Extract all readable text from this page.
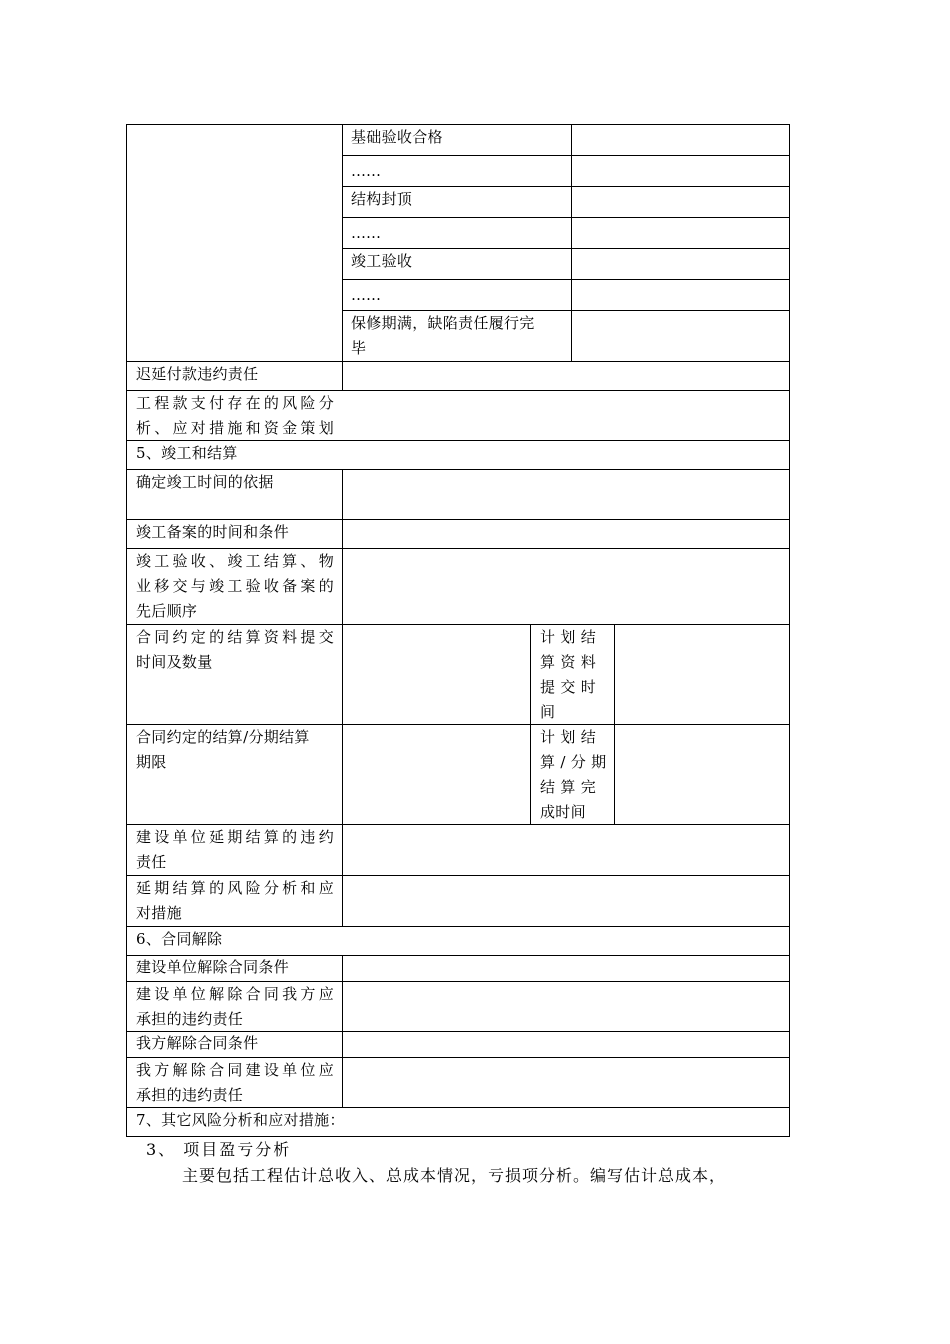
基础验收合格
……
结构封顶
……
竣工验收
……
保修期满，缺陷责任履行完
毕
迟延付款违约责任
工程款支付存在的风险分
析、应对措施和资金策划
5、竣工和结算
确定竣工时间的依据
竣工备案的时间和条件
竣工验收、竣工结算、物
业移交与竣工验收备案的
先后顺序
合同约定的结算资料提交
时间及数量
计 划 结
算 资 料
提 交 时
间
合同约定的结算/分期结算
期限
计 划 结
算 / 分 期
结 算 完
成时间
建设单位延期结算的违约
责任
延期结算的风险分析和应
对措施
6、合同解除
建设单位解除合同条件
建设单位解除合同我方应
承担的违约责任
我方解除合同条件
我方解除合同建设单位应
承担的违约责任
7、其它风险分析和应对措施：
3、 项目盈亏分析
主要包括工程估计总收入、总成本情况，亏损项分析。编写估计总成本，
